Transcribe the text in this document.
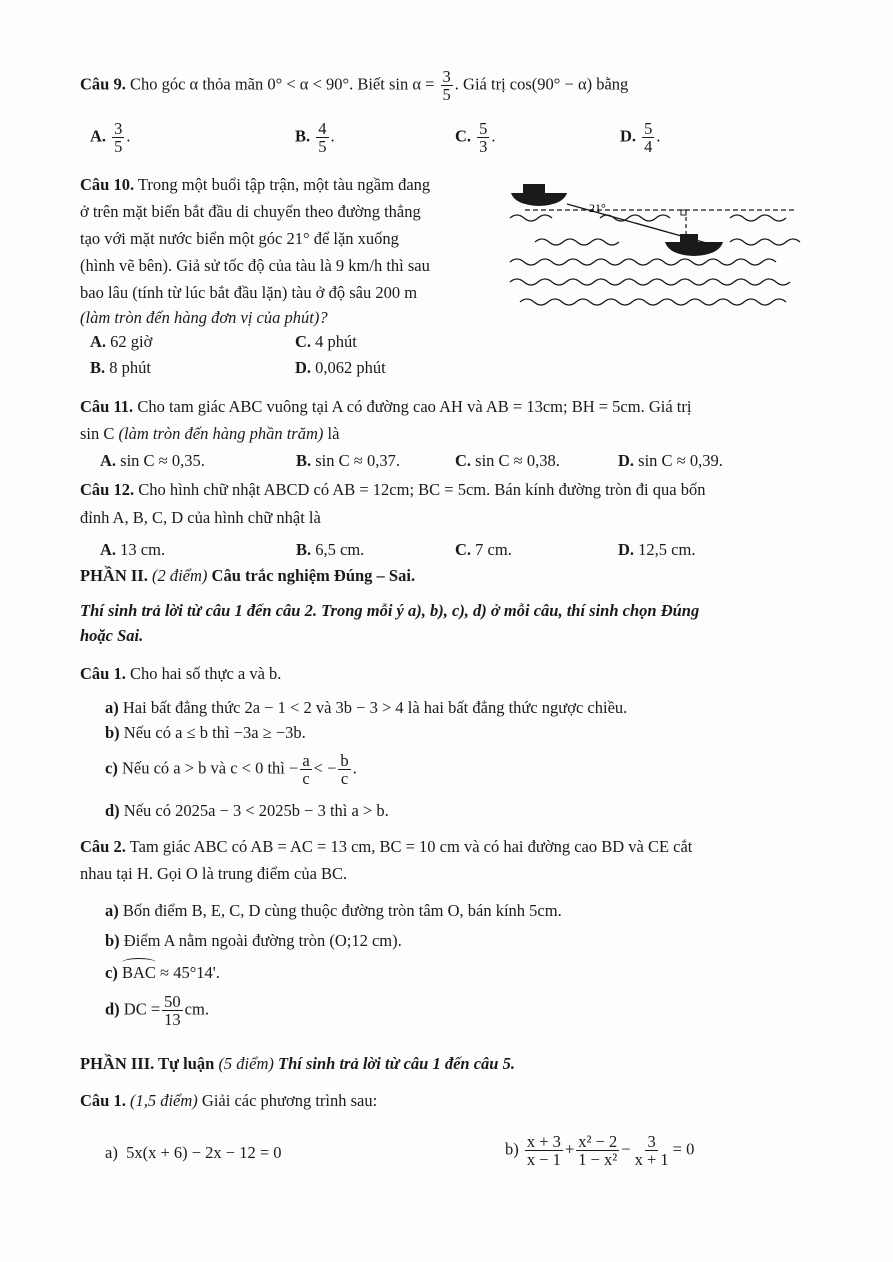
Câu 9. Cho góc α thỏa mãn 0° < α < 90°. Biết $\sin \alpha = \frac{3}{5}$ . Giá trị cos(90° − α) bằng
A. $\frac{3}{5}$ .	B. $\frac{4}{5}$ .	C. $\frac{5}{3}$ .	D. $\frac{5}{4}$ .
Câu 10. Trong một buổi tập trận, một tàu ngầm đang
ở trên mặt biển bắt đầu di chuyển theo đường thẳng
tạo với mặt nước biển một góc 21° để lặn xuống
(hình vẽ bên). Giả sử tốc độ của tàu là 9 km/h thì sau
bao lâu (tính từ lúc bắt đầu lặn) tàu ở độ sâu 200 m
(làm tròn đến hàng đơn vị của phút)?
21°
A. 62 giờ	C. 4 phút
B. 8 phút	D. 0,062 phút
Câu 11. Cho tam giác ABC vuông tại A có đường cao AH và AB = 13cm; BH = 5cm. Giá trị
sin C (làm tròn đến hàng phần trăm) là
A. sin C ≈ 0,35.	B. sin C ≈ 0,37.	C. sin C ≈ 0,38.	D. sin C ≈ 0,39.
Câu 12. Cho hình chữ nhật ABCD có AB = 12cm; BC = 5cm. Bán kính đường tròn đi qua bốn
đỉnh A, B, C, D của hình chữ nhật là
A. 13 cm.	B. 6,5 cm.	C. 7 cm.	D. 12,5 cm.
PHẦN II. (2 điểm) Câu trắc nghiệm Đúng – Sai.
Thí sinh trả lời từ câu 1 đến câu 2. Trong mỗi ý a), b), c), d) ở mỗi câu, thí sinh chọn Đúng
hoặc Sai.
Câu 1. Cho hai số thực a và b.
a) Hai bất đẳng thức 2a − 1 < 2 và 3b − 3 > 4 là hai bất đẳng thức ngược chiều.
b) Nếu có a ≤ b thì −3a ≥ −3b.
c) Nếu có a > b và c < 0 thì − $\frac{a}{c}$ < − $\frac{b}{c}$ .
d) Nếu có 2025a − 3 < 2025b − 3 thì a > b.
Câu 2. Tam giác ABC có AB = AC = 13 cm, BC = 10 cm và có hai đường cao BD và CE cắt
nhau tại H. Gọi O là trung điểm của BC.
a) Bốn điểm B, E, C, D cùng thuộc đường tròn tâm O, bán kính 5cm.
b) Điểm A nằm ngoài đường tròn (O;12 cm).
c) BAC ≈ 45°14'.
d) DC = $\frac{50}{13}$ cm.
PHẦN III. Tự luận (5 điểm) Thí sinh trả lời từ câu 1 đến câu 5.
Câu 1. (1,5 điểm) Giải các phương trình sau:
a) 5x(x + 6) − 2x − 12 = 0	$b) \frac{x + 3}{x - 1} + \frac{\text{x² − 2}}{\text{1 − x²}} - \frac{3}{x + 1} = 0$
